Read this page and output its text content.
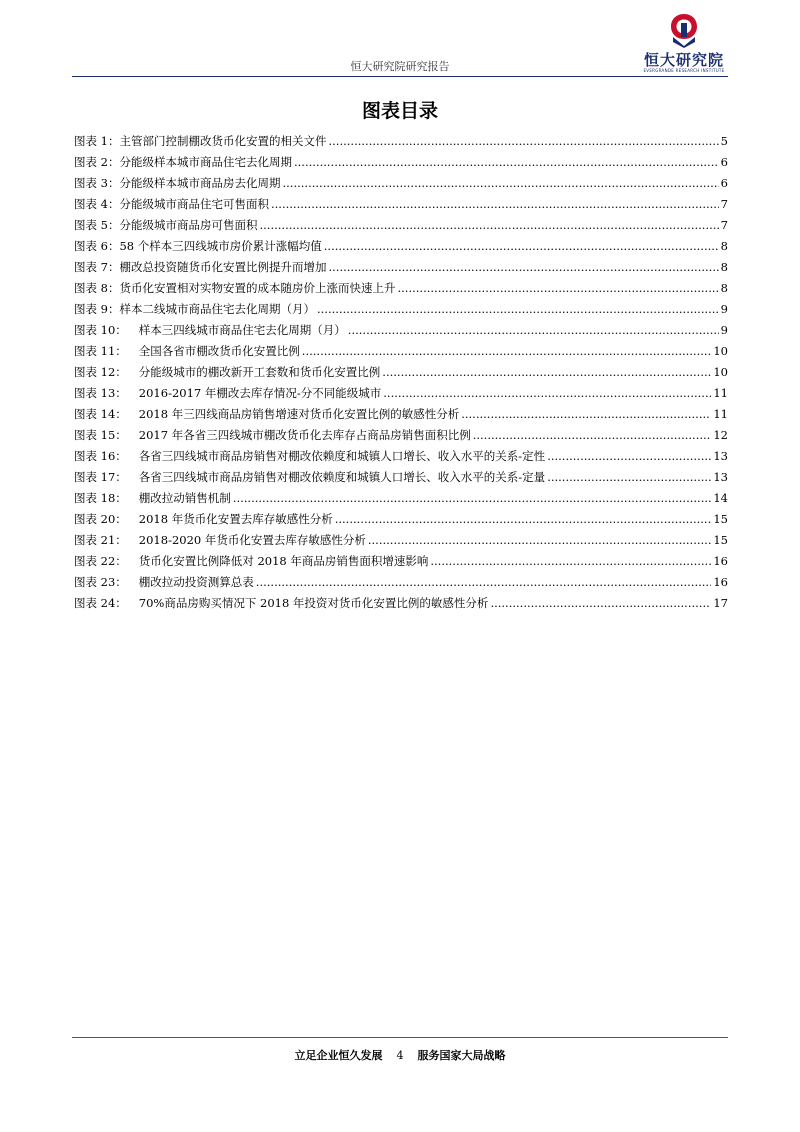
恒大研究院研究报告	恒大研究院
EVERGRANDE RESEARCH INSTITUTE
图表目录
图表 1： 主管部门控制棚改货币化安置的相关文件 .....	5
图表 2： 分能级样本城市商品住宅去化周期 .....	6
图表 3： 分能级样本城市商品房去化周期 .....	6
图表 4： 分能级城市商品住宅可售面积 .....	7
图表 5： 分能级城市商品房可售面积 .....	7
图表 6： 58 个样本三四线城市房价累计涨幅均值 .....	8
图表 7： 棚改总投资随货币化安置比例提升而增加 .....	8
图表 8： 货币化安置相对实物安置的成本随房价上涨而快速上升 .....	8
图表 9： 样本二线城市商品住宅去化周期（月） .....	9
图表 10： 样本三四线城市商品住宅去化周期（月） .....	9
图表 11： 全国各省市棚改货币化安置比例 .....	10
图表 12： 分能级城市的棚改新开工套数和货币化安置比例 .....	10
图表 13： 2016-2017 年棚改去库存情况-分不同能级城市 .....	11
图表 14： 2018 年三四线商品房销售增速对货币化安置比例的敏感性分析 .....	11
图表 15： 2017 年各省三四线城市棚改货币化去库存占商品房销售面积比例 .....	12
图表 16： 各省三四线城市商品房销售对棚改依赖度和城镇人口增长、收入水平的关系-定性 .....	13
图表 17： 各省三四线城市商品房销售对棚改依赖度和城镇人口增长、收入水平的关系-定量 .....	13
图表 18： 棚改拉动销售机制 .....	14
图表 20： 2018 年货币化安置去库存敏感性分析 .....	15
图表 21： 2018-2020 年货币化安置去库存敏感性分析 .....	15
图表 22： 货币化安置比例降低对 2018 年商品房销售面积增速影响 .....	16
图表 23： 棚改拉动投资测算总表 .....	16
图表 24： 70%商品房购买情况下 2018 年投资对货币化安置比例的敏感性分析 .....	17
立足企业恒久发展 4 服务国家大局战略
